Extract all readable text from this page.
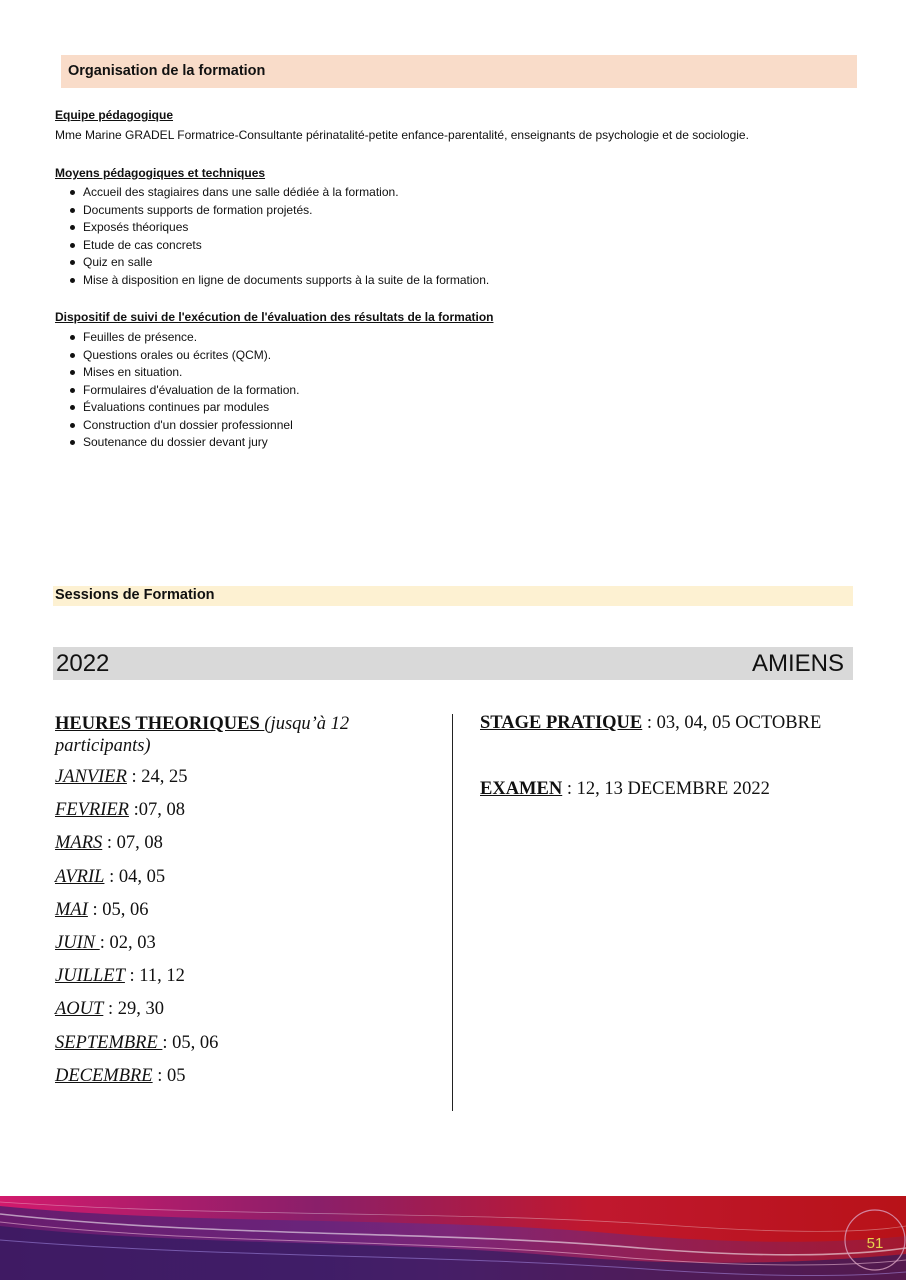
Organisation de la formation
Equipe pédagogique
Mme Marine GRADEL Formatrice-Consultante périnatalité-petite enfance-parentalité, enseignants de psychologie et de sociologie.
Moyens pédagogiques et techniques
Accueil des stagiaires dans une salle dédiée à la formation.
Documents supports de formation projetés.
Exposés théoriques
Etude de cas concrets
Quiz en salle
Mise à disposition en ligne de documents supports à la suite de la formation.
Dispositif de suivi de l'exécution de l'évaluation des résultats de la formation
Feuilles de présence.
Questions orales ou écrites (QCM).
Mises en situation.
Formulaires d'évaluation de la formation.
Évaluations continues par modules
Construction d'un dossier professionnel
Soutenance du dossier devant jury
Sessions de Formation
2022	AMIENS
HEURES THEORIQUES (jusqu’à 12 participants)
JANVIER : 24, 25
FEVRIER :07, 08
MARS : 07, 08
AVRIL : 04, 05
MAI : 05, 06
JUIN : 02, 03
JUILLET : 11, 12
AOUT : 29, 30
SEPTEMBRE : 05, 06
DECEMBRE : 05
STAGE PRATIQUE : 03, 04, 05 OCTOBRE
EXAMEN : 12, 13 DECEMBRE 2022
51
